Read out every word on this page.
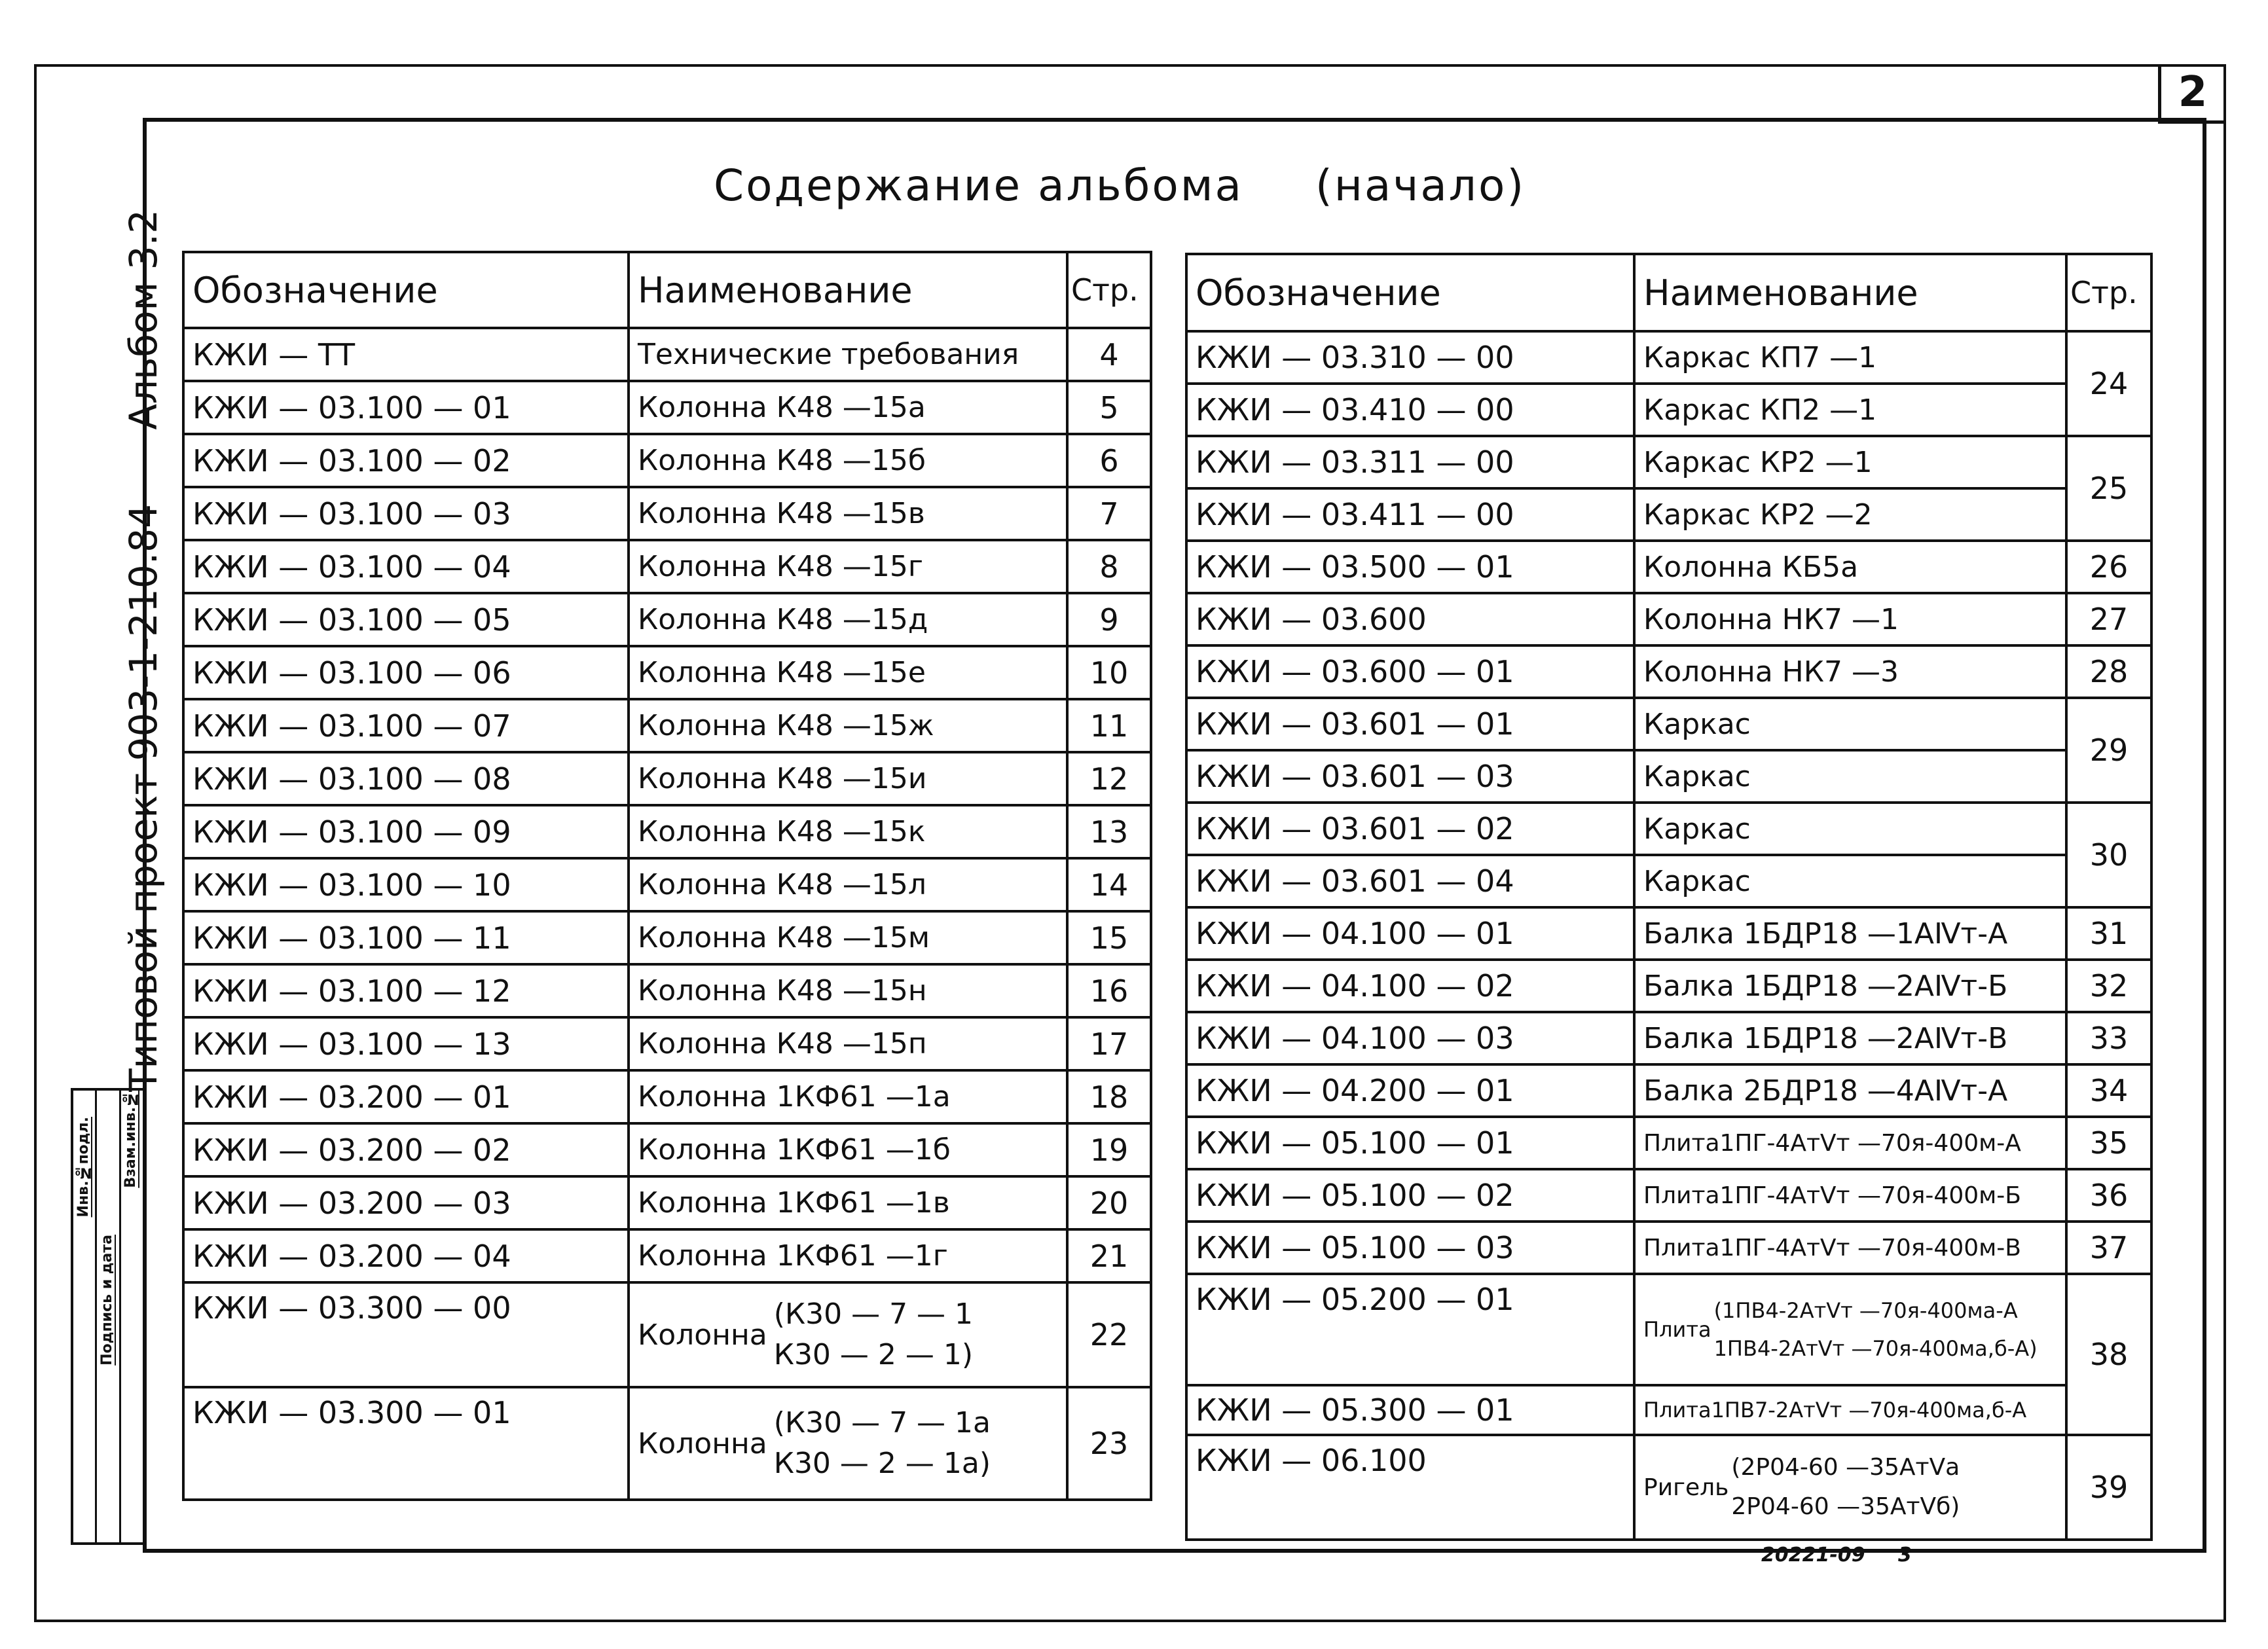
2
Альбом 3.2
Типовой проект 903-1-210.84
Инв.№подл.
Подпись и дата
Взам.инв.№
Содержание альбома (начало)
Обозначение	Наименование	Стр.
КЖИ — ТТ	Технические требования	4
КЖИ — 03.100 — 01	Колонна К48 —15а	5
КЖИ — 03.100 — 02	Колонна К48 —15б	6
КЖИ — 03.100 — 03	Колонна К48 —15в	7
КЖИ — 03.100 — 04	Колонна К48 —15г	8
КЖИ — 03.100 — 05	Колонна К48 —15д	9
КЖИ — 03.100 — 06	Колонна К48 —15е	10
КЖИ — 03.100 — 07	Колонна К48 —15ж	11
КЖИ — 03.100 — 08	Колонна К48 —15и	12
КЖИ — 03.100 — 09	Колонна К48 —15к	13
КЖИ — 03.100 — 10	Колонна К48 —15л	14
КЖИ — 03.100 — 11	Колонна К48 —15м	15
КЖИ — 03.100 — 12	Колонна К48 —15н	16
КЖИ — 03.100 — 13	Колонна К48 —15п	17
КЖИ — 03.200 — 01	Колонна 1КФ61 —1а	18
КЖИ — 03.200 — 02	Колонна 1КФ61 —1б	19
КЖИ — 03.200 — 03	Колонна 1КФ61 —1в	20
КЖИ — 03.200 — 04	Колонна 1КФ61 —1г	21
КЖИ — 03.300 — 00	Колонна
(К30 — 7 — 1
К30 — 2 — 1)	22
КЖИ — 03.300 — 01	Колонна
(К30 — 7 — 1а
К30 — 2 — 1а)	23
Обозначение	Наименование	Стр.
КЖИ — 03.310 — 00	Каркас КП7 —1	24
КЖИ — 03.410 — 00	Каркас КП2 —1	
КЖИ — 03.311 — 00	Каркас КР2 —1	25
КЖИ — 03.411 — 00	Каркас КР2 —2	
КЖИ — 03.500 — 01	Колонна КБ5а	26
КЖИ — 03.600	Колонна НК7 —1	27
КЖИ — 03.600 — 01	Колонна НК7 —3	28
КЖИ — 03.601 — 01	Каркас	29
КЖИ — 03.601 — 03	Каркас	
КЖИ — 03.601 — 02	Каркас	30
КЖИ — 03.601 — 04	Каркас	
КЖИ — 04.100 — 01	Балка 1БДР18 —1АⅣт-А	31
КЖИ — 04.100 — 02	Балка 1БДР18 —2АⅣт-Б	32
КЖИ — 04.100 — 03	Балка 1БДР18 —2АⅣт-В	33
КЖИ — 04.200 — 01	Балка 2БДР18 —4АⅣт-А	34
КЖИ — 05.100 — 01	Плита1ПГ-4АтⅤт —70я-400м-А	35
КЖИ — 05.100 — 02	Плита1ПГ-4АтⅤт —70я-400м-Б	36
КЖИ — 05.100 — 03	Плита1ПГ-4АтⅤт —70я-400м-В	37
КЖИ — 05.200 — 01	Плита
(1ПВ4-2АтⅤт —70я-400ма-А
1ПВ4-2АтⅤт —70я-400ма,б-А)	38
КЖИ — 05.300 — 01	Плита1ПВ7-2АтⅤт —70я-400ма,б-А	
КЖИ — 06.100	Ригель
(2Р04-60 —35АтⅤа
2Р04-60 —35АтⅤб)	39
20221-09 3
